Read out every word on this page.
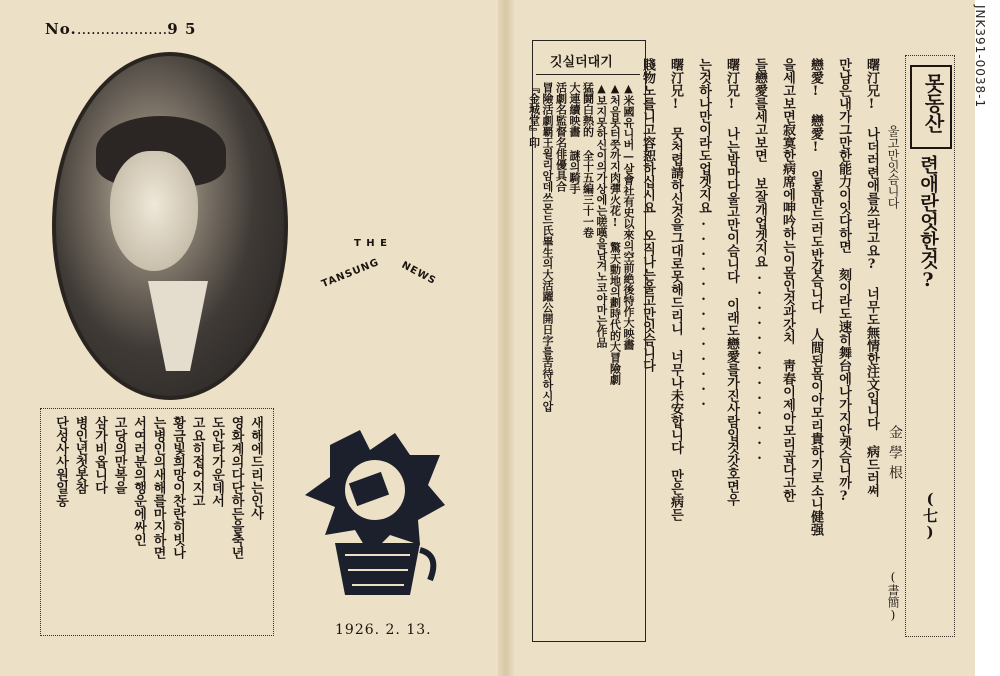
No....................9 5
T H E
TANSUNG NEWS
새해에드리는인사
영화계의다단하든을축년
도안타가운데서
고요히접어지고
황금빛희망이찬란히빗나
는병인의새해를마지하면
서여러분의행운에싸인
고당의만복을
삼가비옵니다
병인년첫봇참
단성사사원일동
1926. 2. 13.
못동산
련애란엇한것?
울고만잇슴니다
金學根
(七)
(書簡)
曙汀兄! 나더러련애를쓰라고요? 너무도無情한注文입니다 病드러쎠
만남은내가그만한能力이잇다하면 刻이라도速히舞台에나가지안켓슴니까?
戀愛! 戀愛! 일흠만드러도반갑슴니다 人間된몸이아모리貴하기로소니健强
을세고보면寂寞한病席에呻吟하는이몸인것과갓치 靑春이제아모리곱다고한
들戀愛를세고보면 보잘개업겟지요.............
曙汀兄! 나는밤마다울고만이슴니다 이래도戀愛를가진사람입것갓호면우
는것하나만이라도업겟지요.............
曙汀兄! 뭇처렵請하신것을그대로못해드리니 너무나未安합니다 만은病든
賤物노를니고容恕하십시요 오직나는울고만잇슴니다
깃실더대기
▲米國유니버—살會社有史以來의空前絶後特作大映畵
▲처음봇터쯧까지肉彈火花! 驚天動地의劃時代的大冒險劇
▲보지못하신이의가상에는嗟嘆을남겨노코야마는作品
猛鬪白熱的 全十五編三十一卷
大連續映畵 謎의騎手
活劇名監督名俳優具合
冒險活劇覇王윌리암데쓰몬드氏畢生의大活躍公開日字를苦待하시압
『金城堂』印
JNK391-0038-1
